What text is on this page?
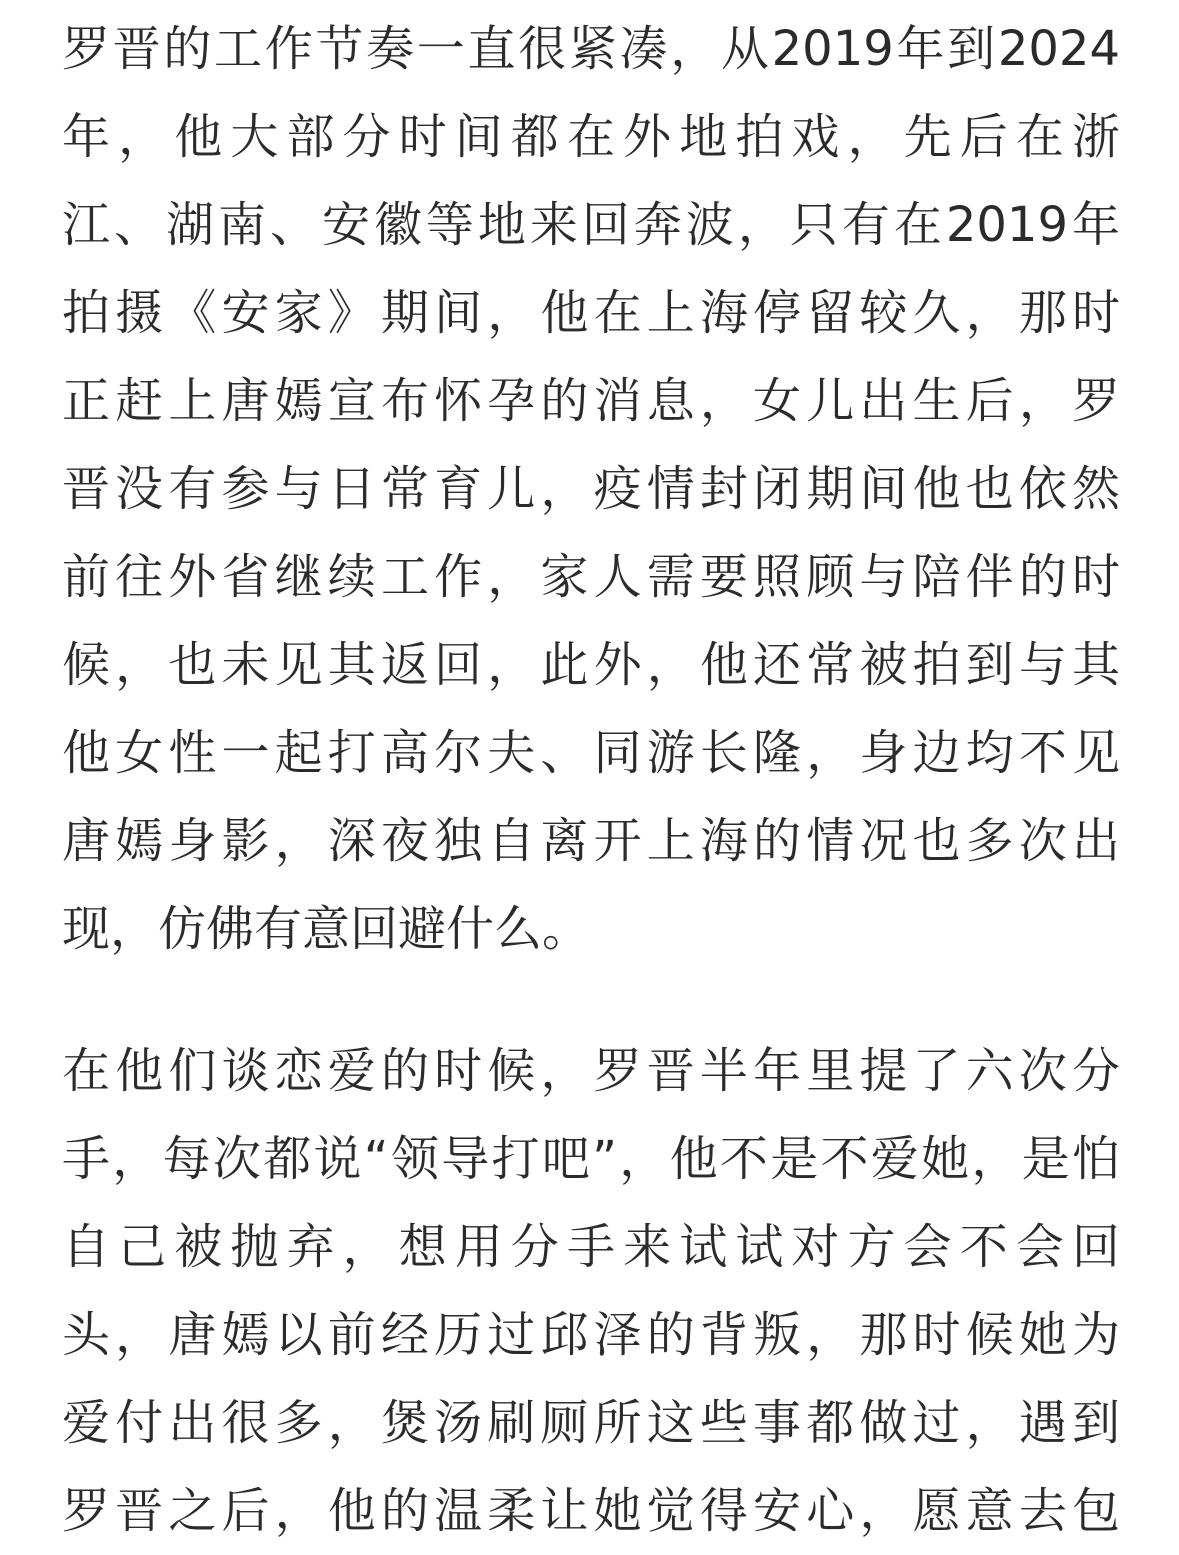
罗晋的工作节奏一直很紧凑，从2019年到2024
年，他大部分时间都在外地拍戏，先后在浙
江、湖南、安徽等地来回奔波，只有在2019年
拍摄《安家》期间，他在上海停留较久，那时
正赶上唐嫣宣布怀孕的消息，女儿出生后，罗
晋没有参与日常育儿，疫情封闭期间他也依然
前往外省继续工作，家人需要照顾与陪伴的时
候，也未见其返回，此外，他还常被拍到与其
他女性一起打高尔夫、同游长隆，身边均不见
唐嫣身影，深夜独自离开上海的情况也多次出
现，仿佛有意回避什么。
在他们谈恋爱的时候，罗晋半年里提了六次分
手，每次都说“领导打吧”，他不是不爱她，是怕
自己被抛弃，想用分手来试试对方会不会回
头，唐嫣以前经历过邱泽的背叛，那时候她为
爱付出很多，煲汤刷厕所这些事都做过，遇到
罗晋之后，他的温柔让她觉得安心，愿意去包
